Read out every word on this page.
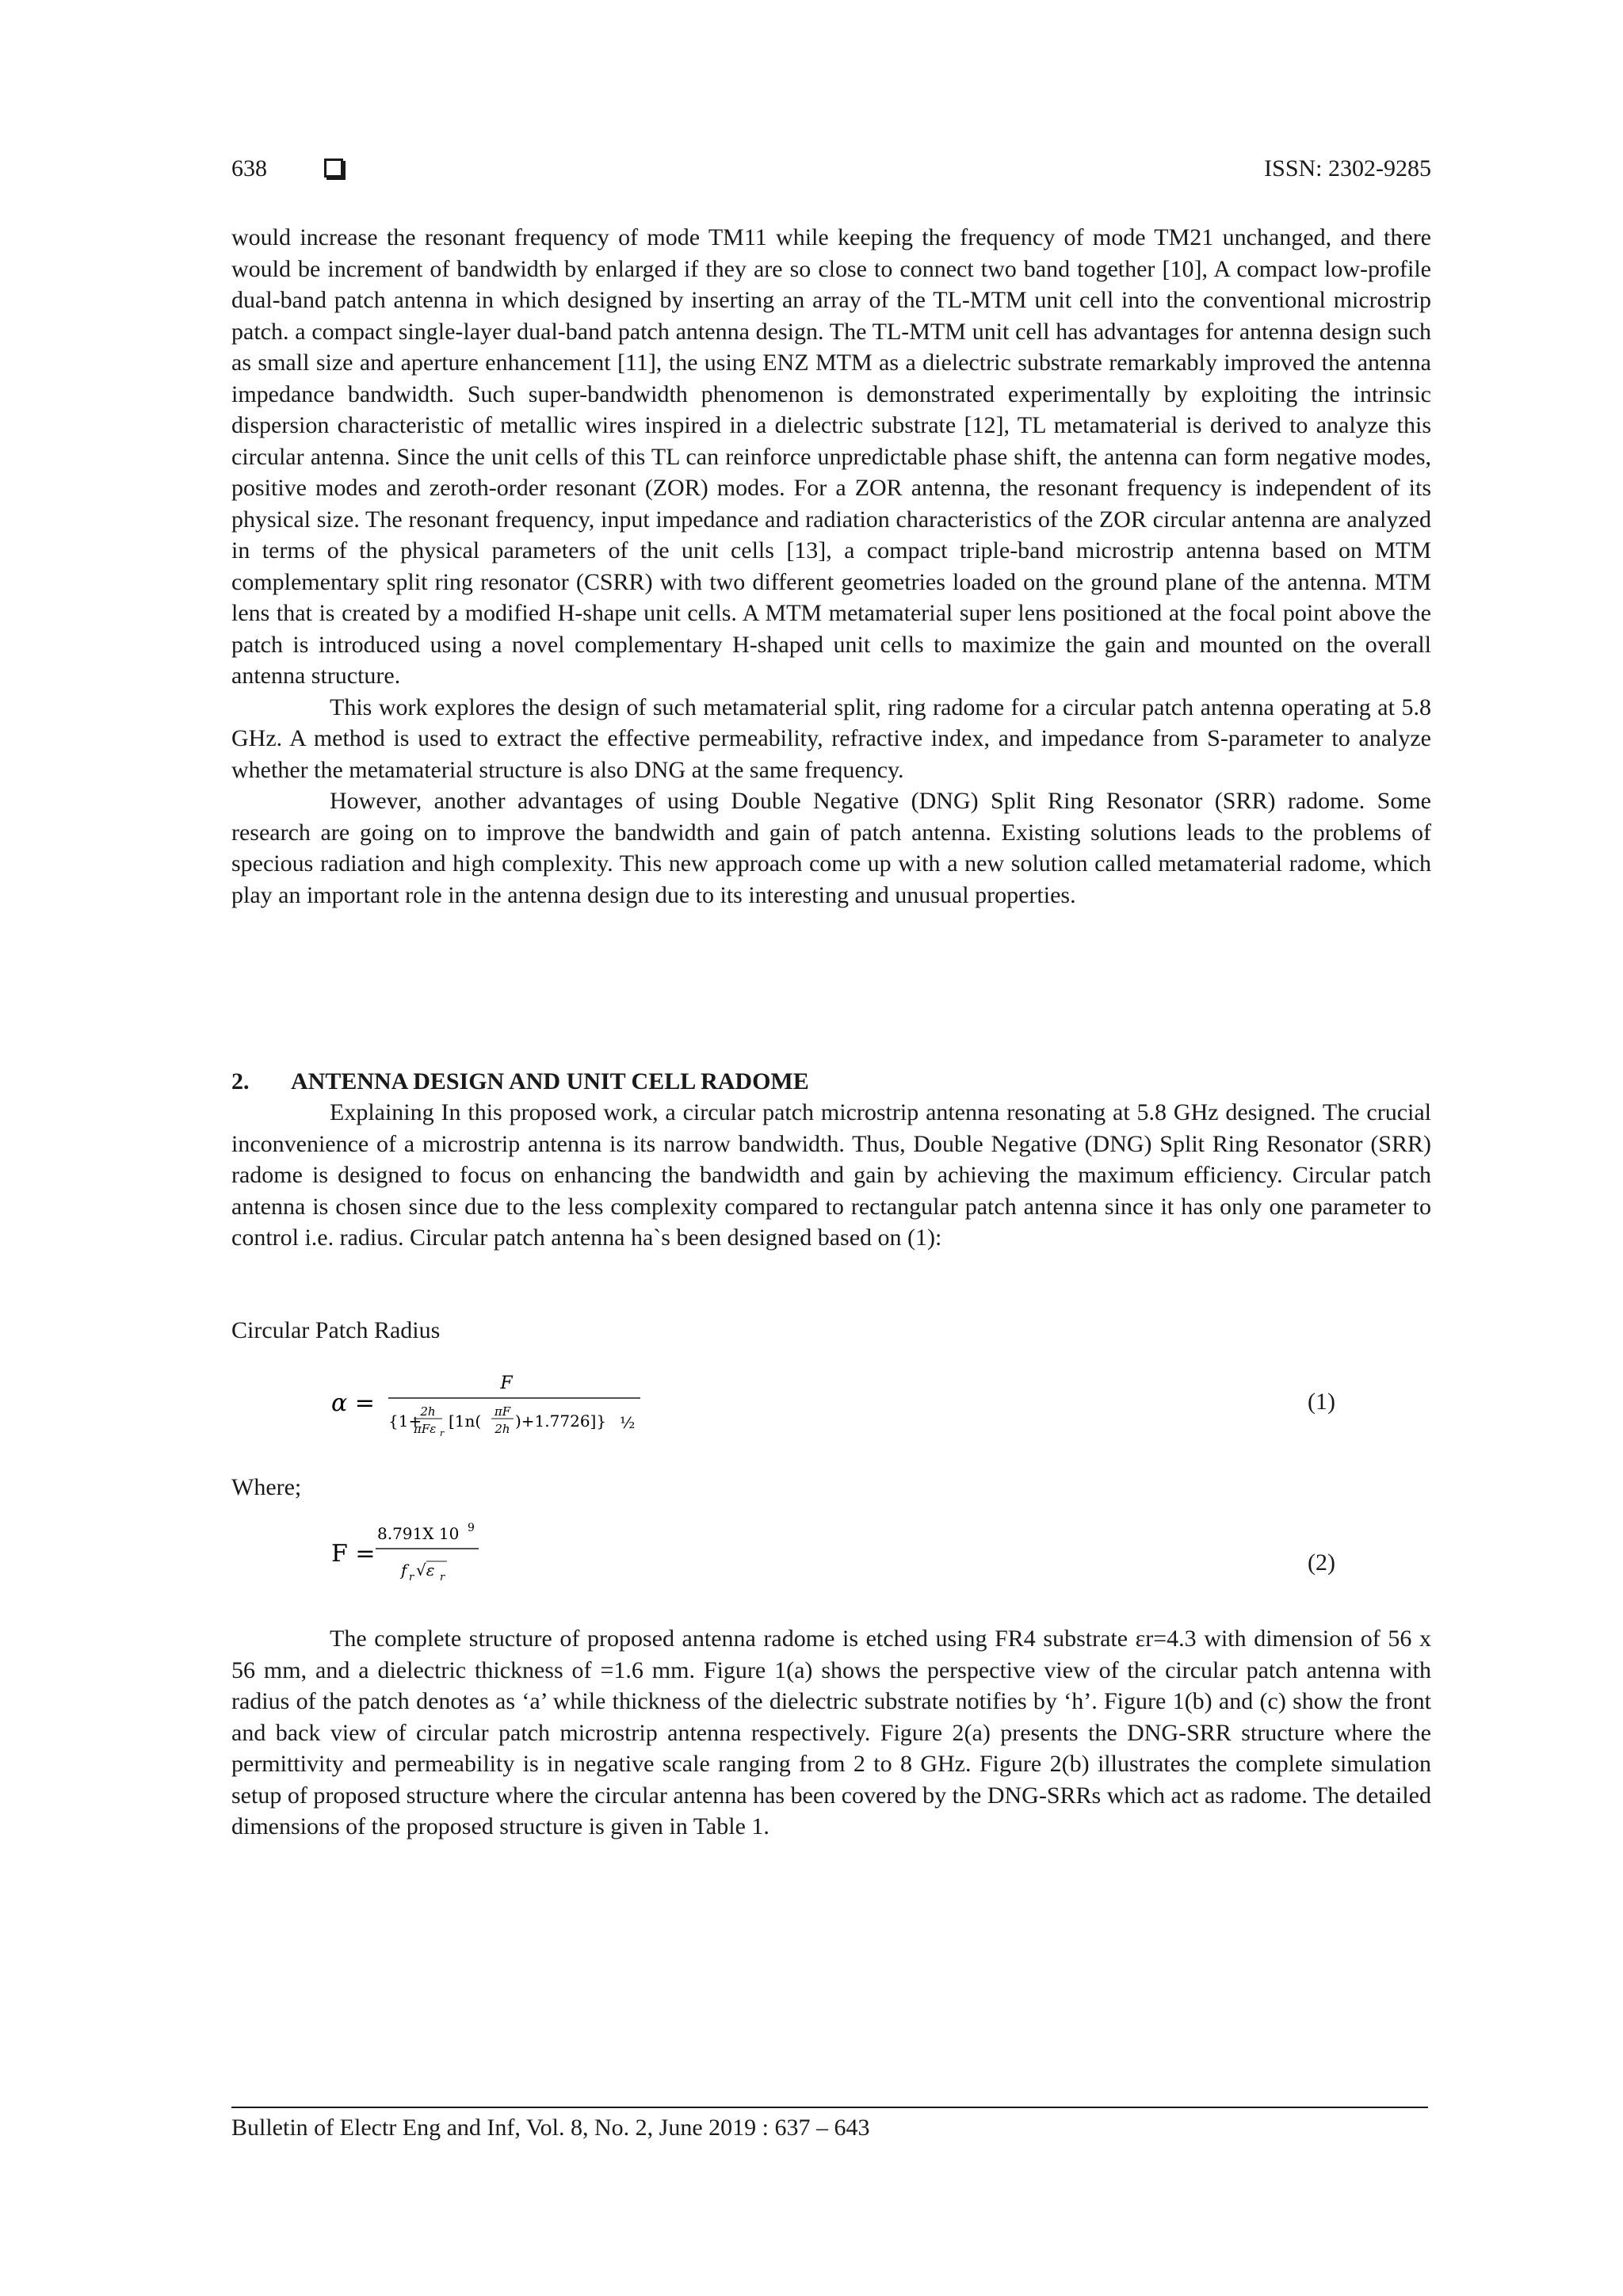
638	ISSN: 2302-9285

would increase the resonant frequency of mode TM11 while keeping the frequency of mode TM21 unchanged, and there would be increment of bandwidth by enlarged if they are so close to connect two band together [10], A compact low-profile dual-band patch antenna in which designed by inserting an array of the TL-MTM unit cell into the conventional microstrip patch. a compact single-layer dual-band patch antenna design. The TL-MTM unit cell has advantages for antenna design such as small size and aperture enhancement [11], the using ENZ MTM as a dielectric substrate remarkably improved the antenna impedance bandwidth. Such super-bandwidth phenomenon is demonstrated experimentally by exploiting the intrinsic dispersion characteristic of metallic wires inspired in a dielectric substrate [12], TL metamaterial is derived to analyze this circular antenna. Since the unit cells of this TL can reinforce unpredictable phase shift, the antenna can form negative modes, positive modes and zeroth-order resonant (ZOR) modes. For a ZOR antenna, the resonant frequency is independent of its physical size. The resonant frequency, input impedance and radiation characteristics of the ZOR circular antenna are analyzed in terms of the physical parameters of the unit cells [13], a compact triple-band microstrip antenna based on MTM complementary split ring resonator (CSRR) with two different geometries loaded on the ground plane of the antenna. MTM lens that is created by a modified H-shape unit cells. A MTM metamaterial super lens positioned at the focal point above the patch is introduced using a novel complementary H-shaped unit cells to maximize the gain and mounted on the overall antenna structure.

This work explores the design of such metamaterial split, ring radome for a circular patch antenna operating at 5.8 GHz. A method is used to extract the effective permeability, refractive index, and impedance from S-parameter to analyze whether the metamaterial structure is also DNG at the same frequency.

However, another advantages of using Double Negative (DNG) Split Ring Resonator (SRR) radome. Some research are going on to improve the bandwidth and gain of patch antenna. Existing solutions leads to the problems of specious radiation and high complexity. This new approach come up with a new solution called metamaterial radome, which play an important role in the antenna design due to its interesting and unusual properties.

2. ANTENNA DESIGN AND UNIT CELL RADOME

Explaining In this proposed work, a circular patch microstrip antenna resonating at 5.8 GHz designed. The crucial inconvenience of a microstrip antenna is its narrow bandwidth. Thus, Double Negative (DNG) Split Ring Resonator (SRR) radome is designed to focus on enhancing the bandwidth and gain by achieving the maximum efficiency. Circular patch antenna is chosen since due to the less complexity compared to rectangular patch antenna since it has only one parameter to control i.e. radius. Circular patch antenna ha`s been designed based on (1):

Circular Patch Radius
α =
F
{1+
2h
πFε r
[1n( πF
2h )+1.7726]} ½
(1)
Where;
F =
8.791X 10 9
f r √ε r
(2)

The complete structure of proposed antenna radome is etched using FR4 substrate εr=4.3 with dimension of 56 x 56 mm, and a dielectric thickness of =1.6 mm. Figure 1(a) shows the perspective view of the circular patch antenna with radius of the patch denotes as ‘a’ while thickness of the dielectric substrate notifies by ‘h’. Figure 1(b) and (c) show the front and back view of circular patch microstrip antenna respectively. Figure 2(a) presents the DNG-SRR structure where the permittivity and permeability is in negative scale ranging from 2 to 8 GHz. Figure 2(b) illustrates the complete simulation setup of proposed structure where the circular antenna has been covered by the DNG-SRRs which act as radome. The detailed dimensions of the proposed structure is given in Table 1.

Bulletin of Electr Eng and Inf, Vol. 8, No. 2, June 2019 : 637 – 643
